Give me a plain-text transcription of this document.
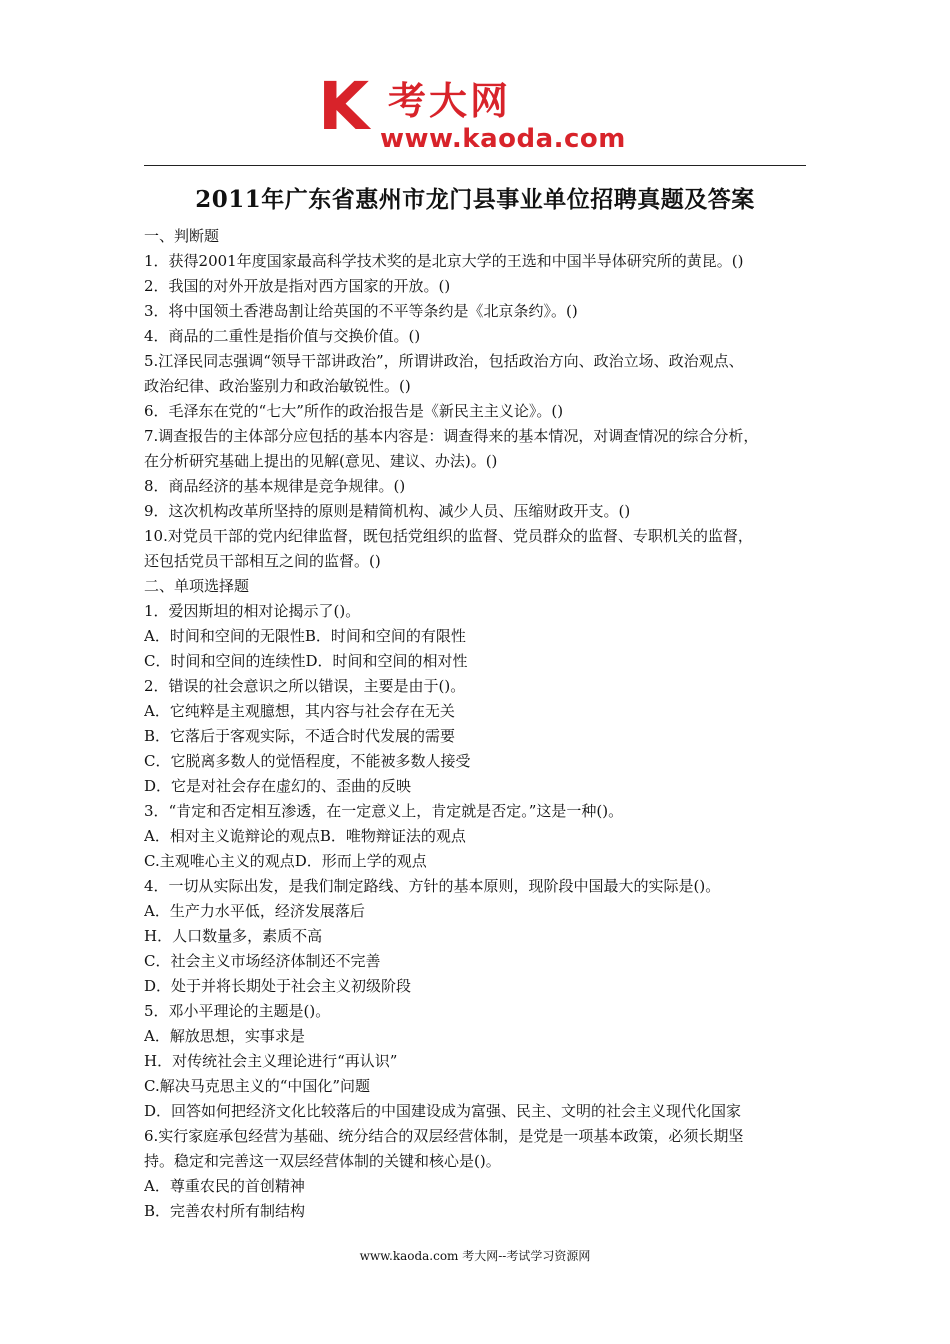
K 考大网
www.kaoda.com
2011年广东省惠州市龙门县事业单位招聘真题及答案
一、判断题
1．获得2001年度国家最高科学技术奖的是北京大学的王选和中国半导体研究所的黄昆。()
2．我国的对外开放是指对西方国家的开放。()
3．将中国领土香港岛割让给英国的不平等条约是《北京条约》。()
4．商品的二重性是指价值与交换价值。()
5.江泽民同志强调“领导干部讲政治”，所谓讲政治，包括政治方向、政治立场、政治观点、
政治纪律、政治鉴别力和政治敏锐性。()
6．毛泽东在党的“七大”所作的政治报告是《新民主主义论》。()
7.调查报告的主体部分应包括的基本内容是：调查得来的基本情况，对调查情况的综合分析，
在分析研究基础上提出的见解(意见、建议、办法)。()
8．商品经济的基本规律是竞争规律。()
9．这次机构改革所坚持的原则是精简机构、减少人员、压缩财政开支。()
10.对党员干部的党内纪律监督，既包括党组织的监督、党员群众的监督、专职机关的监督，
还包括党员干部相互之间的监督。()
二、单项选择题
1．爱因斯坦的相对论揭示了()。
A．时间和空间的无限性B．时间和空间的有限性
C．时间和空间的连续性D．时间和空间的相对性
2．错误的社会意识之所以错误，主要是由于()。
A．它纯粹是主观臆想，其内容与社会存在无关
B．它落后于客观实际，不适合时代发展的需要
C．它脱离多数人的觉悟程度，不能被多数人接受
D．它是对社会存在虚幻的、歪曲的反映
3．“肯定和否定相互渗透，在一定意义上，肯定就是否定。”这是一种()。
A．相对主义诡辩论的观点B．唯物辩证法的观点
C.主观唯心主义的观点D．形而上学的观点
4．一切从实际出发，是我们制定路线、方针的基本原则，现阶段中国最大的实际是()。
A．生产力水平低，经济发展落后
H．人口数量多，素质不高
C．社会主义市场经济体制还不完善
D．处于并将长期处于社会主义初级阶段
5．邓小平理论的主题是()。
A．解放思想，实事求是
H．对传统社会主义理论进行“再认识”
C.解决马克思主义的“中国化”问题
D．回答如何把经济文化比较落后的中国建设成为富强、民主、文明的社会主义现代化国家
6.实行家庭承包经营为基础、统分结合的双层经营体制，是党是一项基本政策，必须长期坚
持。稳定和完善这一双层经营体制的关键和核心是()。
A．尊重农民的首创精神
B．完善农村所有制结构
www.kaoda.com 考大网--考试学习资源网
